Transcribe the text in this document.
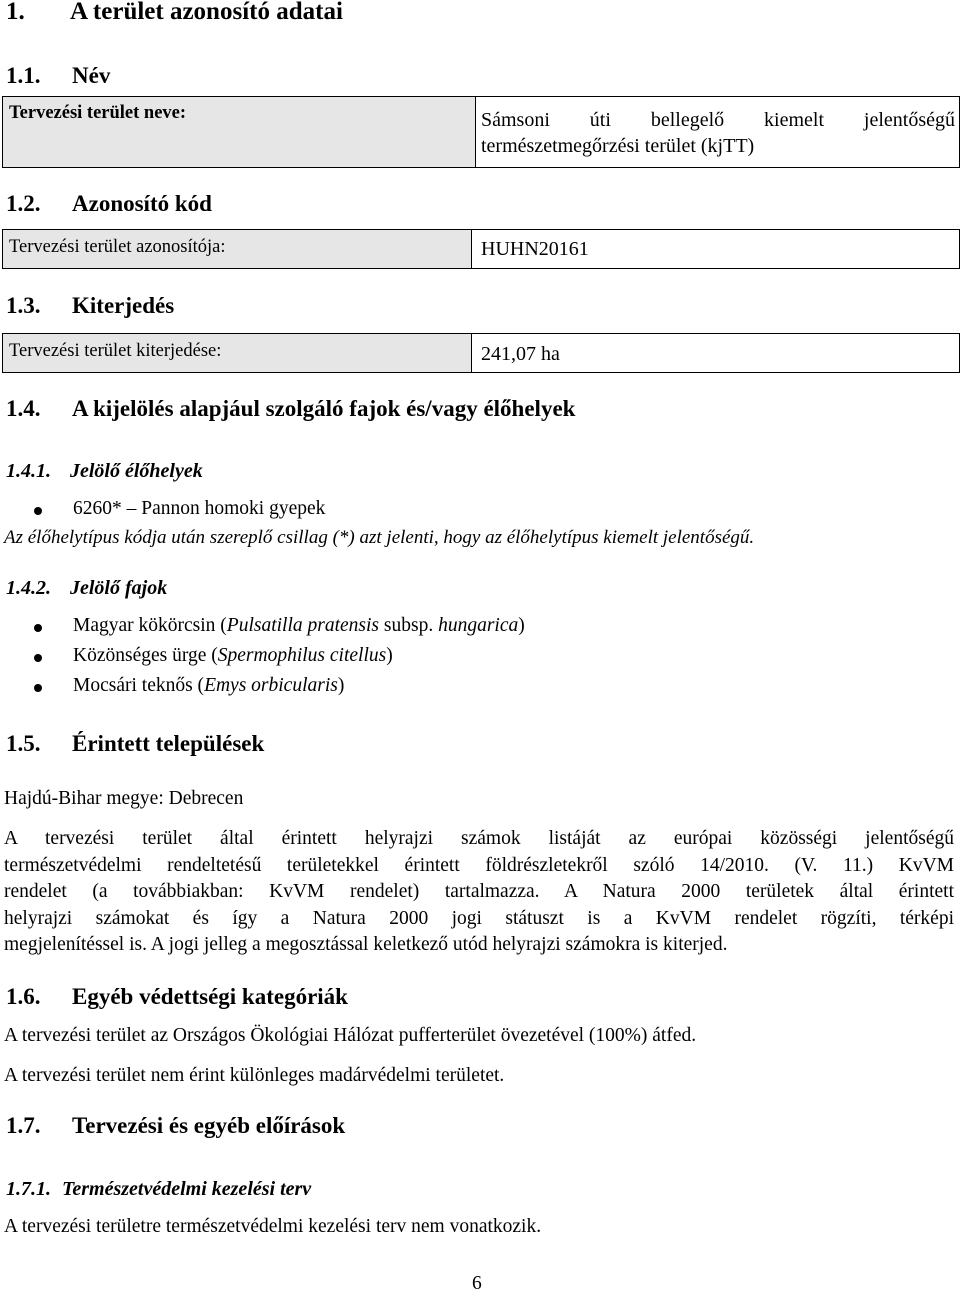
1. A terület azonosító adatai
1.1. Név
Tervezési terület neve:	Sámsoni úti bellegelő kiemelt jelentőségű
természetmegőrzési terület (kjTT)
1.2. Azonosító kód
Tervezési terület azonosítója:	HUHN20161
1.3. Kiterjedés
Tervezési terület kiterjedése:	241,07 ha
1.4. A kijelölés alapjául szolgáló fajok és/vagy élőhelyek
1.4.1. Jelölő élőhelyek
6260* – Pannon homoki gyepek
Az élőhelytípus kódja után szereplő csillag (*) azt jelenti, hogy az élőhelytípus kiemelt jelentőségű.
1.4.2. Jelölő fajok
Magyar kökörcsin (Pulsatilla pratensis subsp. hungarica)
Közönséges ürge (Spermophilus citellus)
Mocsári teknős (Emys orbicularis)
1.5. Érintett települések
Hajdú-Bihar megye: Debrecen
A tervezési terület által érintett helyrajzi számok listáját az európai közösségi jelentőségű
természetvédelmi rendeltetésű területekkel érintett földrészletekről szóló 14/2010. (V. 11.) KvVM
rendelet (a továbbiakban: KvVM rendelet) tartalmazza. A Natura 2000 területek által érintett
helyrajzi számokat és így a Natura 2000 jogi státuszt is a KvVM rendelet rögzíti, térképi
megjelenítéssel is. A jogi jelleg a megosztással keletkező utód helyrajzi számokra is kiterjed.
1.6. Egyéb védettségi kategóriák
A tervezési terület az Országos Ökológiai Hálózat pufferterület övezetével (100%) átfed.
A tervezési terület nem érint különleges madárvédelmi területet.
1.7. Tervezési és egyéb előírások
1.7.1. Természetvédelmi kezelési terv
A tervezési területre természetvédelmi kezelési terv nem vonatkozik.
6
